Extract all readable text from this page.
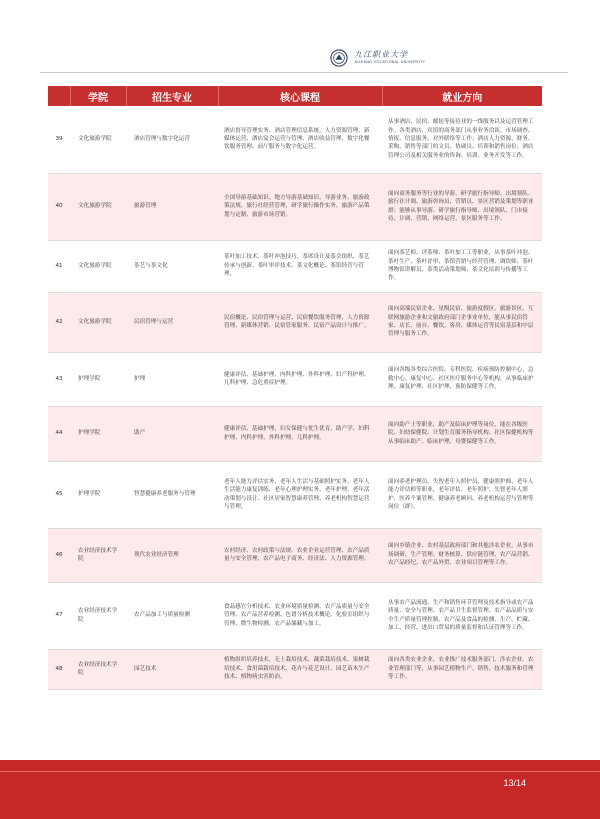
九江职业大学
JIUJIANG VOCATIONAL UNIVERSITY
	学院	招生专业	核心课程	就业方向
39	文化旅游学院	酒店管理与数字化运营	酒店督导管理实务、酒店管理信息系统、人力资源管理、新媒体运营、酒店宴会运营与管理、酒店收益管理、数字化餐饮服务管理、前厅服务与数字化运营。	从事酒店、民宿、邮轮等接待业的一线服务以及运营管理工作。各类酒店、宾馆的商务部门从事业务洽谈、市场调查、情报、信息服务、对外联络等工作；酒店人力资源、财务、采购、销售等部门的文员、协调员、培训和销售岗位；酒店管理公司及相关服务业的咨询、培训、业务开发等工作。
40	文化旅游学院	旅游管理	全国导游基础知识、地方导游基础知识、导游业务、旅游政策法规、旅行社经营管理、研学旅行操作实务、旅游产品策划与定制、旅游市场营销。	面向商务服务等行业的导游、研学旅行指导师、出境领队、旅行社计调、旅游咨询员、营销员、景区营销及策划等职业群；能够从事导游、研学旅行指导师、出境领队、门市接待、计调、营销、网络运营、景区服务等工作。
41	文化旅游学院	茶艺与茶文化	茶叶加工技术、茶叶冲泡技巧、茶席设计及茶会组织、茶艺传承与创新、茶叶审评技术、茶文化概论、茶馆经营与管理。	面向茶艺师、评茶师、茶叶加工工等职业，从事茶叶冲泡、茶叶生产、茶叶评审、茶馆营销与经营管理、调饮师、茶叶博物馆讲解员、茶类活动策划师、茶文化培训与传播等工作。
42	文化旅游学院	民宿管理与运营	民宿概论、民宿管理与运营、民宿餐饮服务管理、人力资源管理、新媒体营销、民宿管家服务、民宿产品设计与推广。	面向高端民宿企业、星级民宿、旅游度假区、旅游景区、互联网旅游企业和文旅政府部门企事业单位，能从事民宿管家、店长、前台、餐饮、客房、媒体运营等民宿基层和中层管理与服务工作。
43	护理学院	护理	健康评估、基础护理、内科护理、外科护理、妇产科护理、儿科护理、急危重症护理。	面向各级各类综合医院、专科医院、疾病预防控制中心、急救中心、康复中心、社区医疗服务中心等机构，从事临床护理、康复护理、社区护理、预防保健等工作。
44	护理学院	助产	健康评估、基础护理、妇女保健与优生优育、助产学、妇科护理、内科护理、外科护理、儿科护理。	面向助产士等职业，助产及临床护理等岗位，能在各级医院、妇幼保健院、计划生育服务指导机构、社区保健机构等从事临床助产、临床护理、母婴保健等工作。
45	护理学院	智慧健康养老服务与管理	老年人能力评估实务、老年人生活与基础照护实务、老年人生活能力康复训练、老年心理护理实务、老年护理、老年活动策划与设计、社区居家智慧康养管理、养老机构智慧运营与管理。	面向养老护理员、失智老年人照护员、健康照护师、老年人能力评估师等职业，老年评估、老年照护、失智老年人照护、医养个案管理、健康养老顾问、养老机构运营与管理等岗位（群）。
46	农业经济技术学院	现代农业经济管理	农村经济、农村政策与法规、农业企业运营管理、农产品质量与安全管理、农产品电子商务、经济法、人力资源管理。	面向乡镇企业、农村基层政府部门和其他涉农企业，从事市场调研、生产管理、财务核算、供应链管理、农产品营销、农产品经纪、农产品外贸、农业项目管理等工作。
47	农业经济技术学院	农产品加工与质量检测	食品感官分析技术、农业环境质量检测、农产品质量与安全管理、农产品营养检测、色谱分析技术概论、化验室组织与管理、微生物检测、农产品储藏与加工。	从事农产品流通、生产和销售环节管理及技术指导或农产品质量、安全与管理、农产品卫生监督管理、农产品品质与安全生产质量管理控制、农产品及食品的检测、生产、贮藏、加工、经营、进出口贸易的质量监督和认证管理等工作。
48	农业经济技术学院	园艺技术	植物组织培养技术、无土栽培技术、蔬菜栽培技术、果树栽培技术、食用菌栽培技术、花卉与花艺设计、园艺苗木生产技术、植物病虫害防治。	面向各类农业企业、农业推广技术服务部门、涉农企业、农业管理部门等，从事园艺植物生产、销售、技术服务和管理等工作。
13/14
